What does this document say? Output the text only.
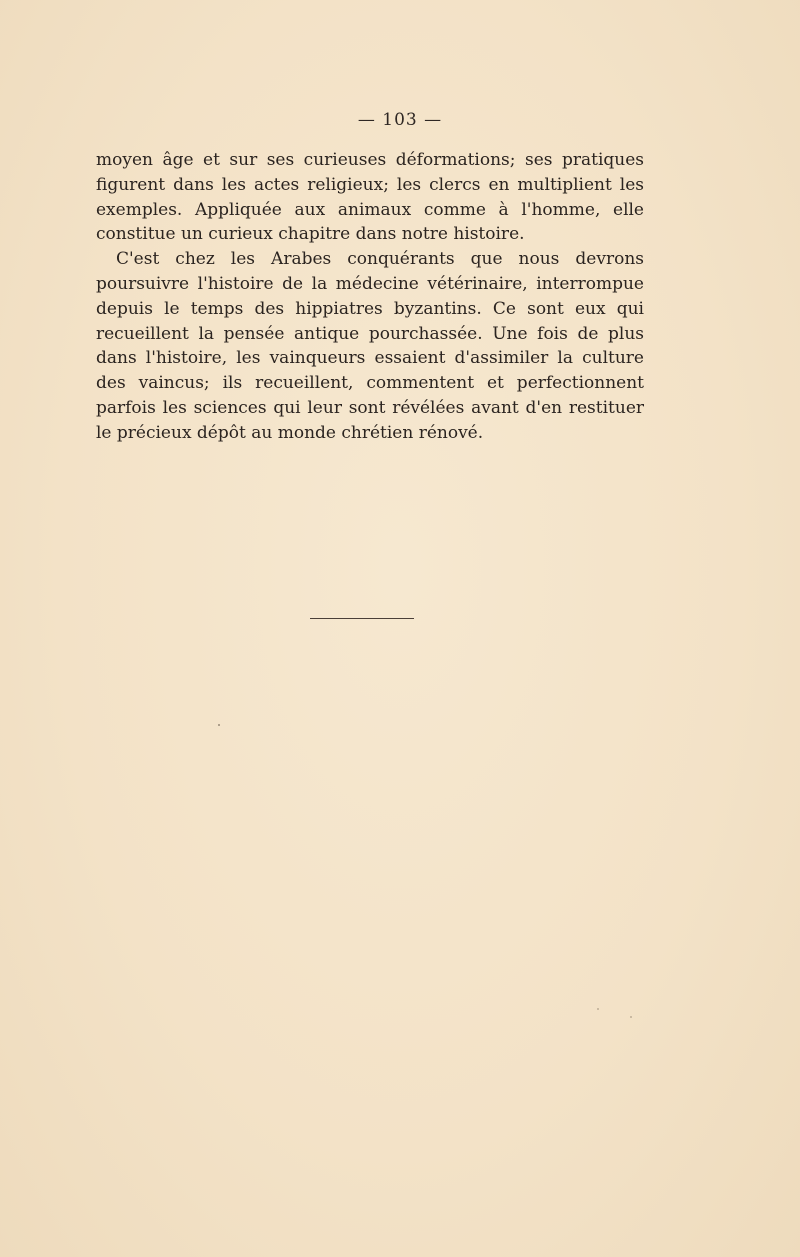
— 103 —

moyen âge et sur ses curieuses déformations; ses pratiques figurent dans les actes religieux; les clercs en multiplient les exemples. Appliquée aux animaux comme à l'homme, elle constitue un curieux chapitre dans notre histoire.

C'est chez les Arabes conquérants que nous devrons poursuivre l'histoire de la médecine vétérinaire, interrompue depuis le temps des hippiatres byzantins. Ce sont eux qui recueillent la pensée antique pourchassée. Une fois de plus dans l'histoire, les vainqueurs essaient d'assimiler la culture des vaincus; ils recueillent, commentent et perfectionnent parfois les sciences qui leur sont révélées avant d'en restituer le précieux dépôt au monde chrétien rénové.
